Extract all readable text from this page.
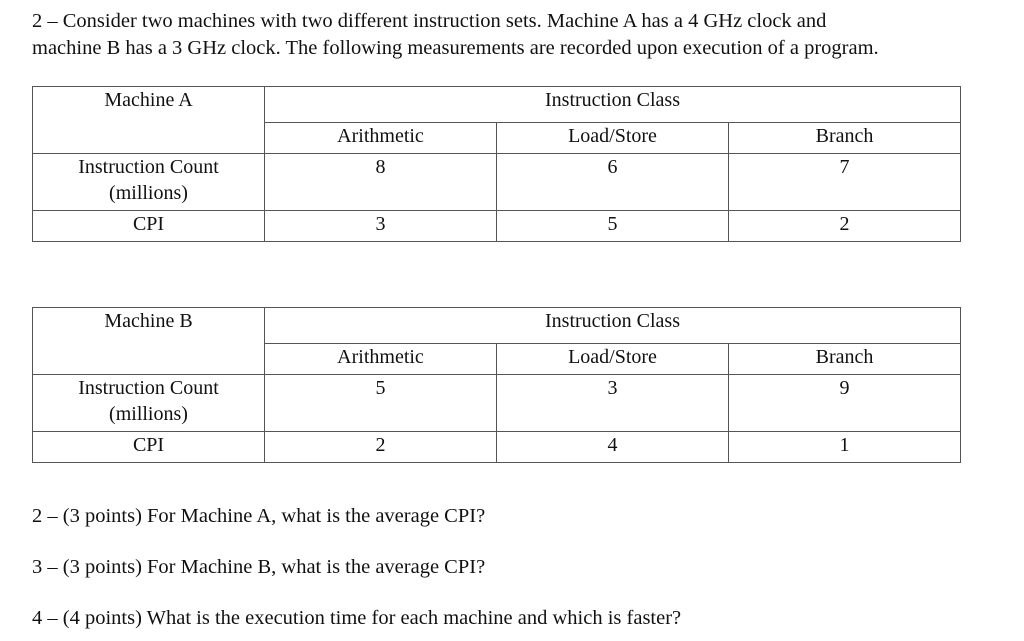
2 – Consider two machines with two different instruction sets. Machine A has a 4 GHz clock and
machine B has a 3 GHz clock. The following measurements are recorded upon execution of a program.

Machine A	Instruction Class		
	Arithmetic	Load/Store	Branch

Instruction Count
(millions)	8	6	7
CPI	3	5	2
Machine B	Instruction Class		
	Arithmetic	Load/Store	Branch

Instruction Count
(millions)	5	3	9
CPI	2	4	1

2 – (3 points) For Machine A, what is the average CPI?

3 – (3 points) For Machine B, what is the average CPI?

4 – (4 points) What is the execution time for each machine and which is faster?
